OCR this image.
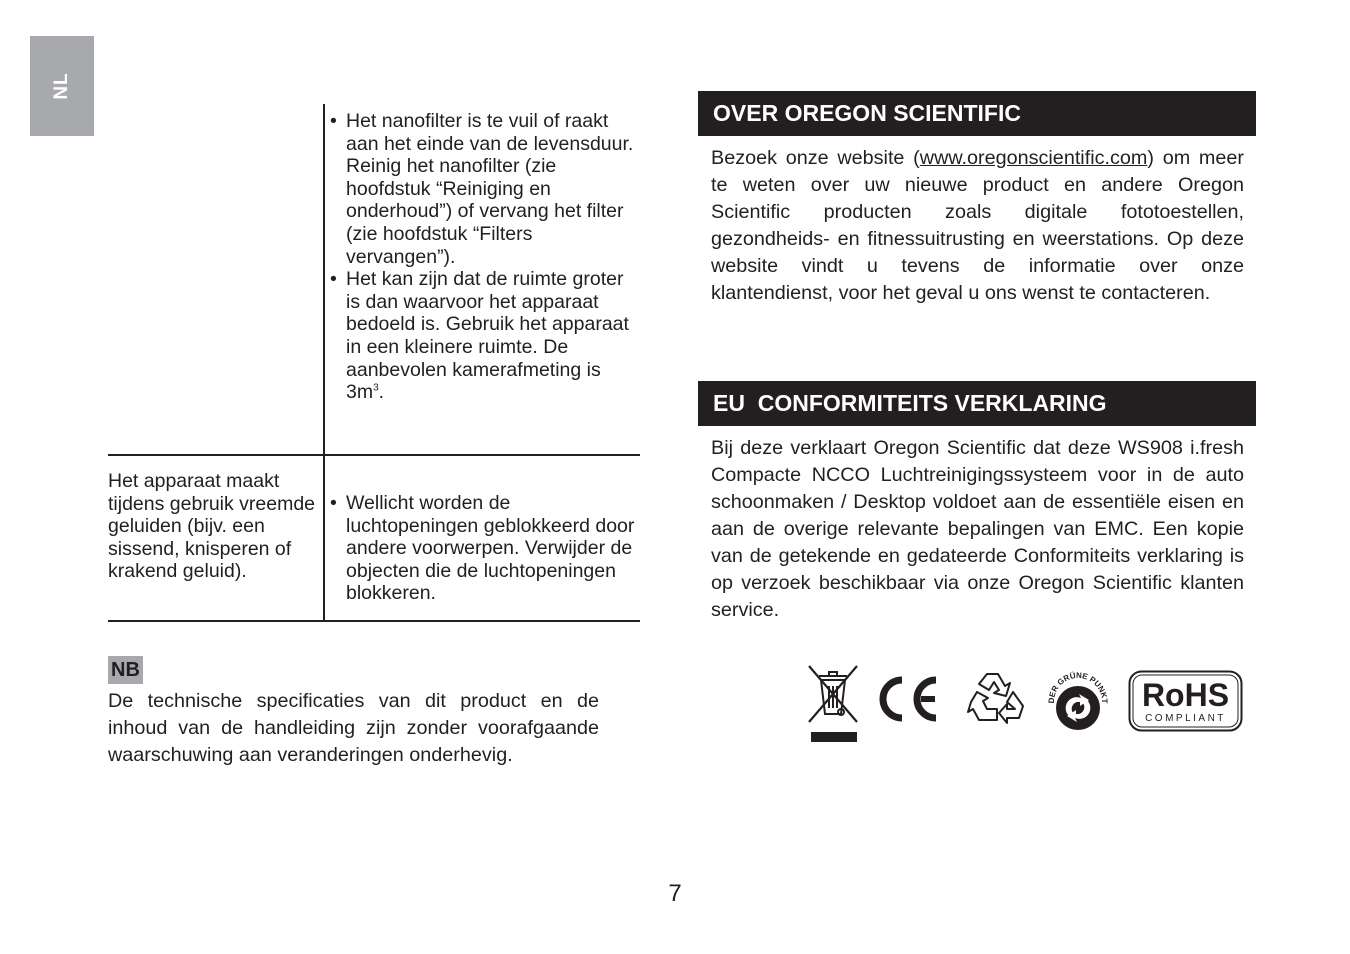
NL
• Het nanofilter is te vuil of raakt aan het einde van de levensduur. Reinig het nanofilter (zie hoofdstuk “Reiniging en onderhoud”) of vervang het filter (zie hoofdstuk “Filters vervangen”).
• Het kan zijn dat de ruimte groter is dan waarvoor het apparaat bedoeld is. Gebruik het apparaat in een kleinere ruimte. De aanbevolen kamerafmeting is $3m^3$.
Het apparaat maakt tijdens gebruik vreemde geluiden (bijv. een sissend, knisperen of krakend geluid).
• Wellicht worden de luchtopeningen geblokkeerd door andere voorwerpen. Verwijder de objecten die de luchtopeningen blokkeren.
NB
De technische specificaties van dit product en de inhoud van de handleiding zijn zonder voorafgaande waarschuwing aan veranderingen onderhevig.
OVER OREGON SCIENTIFIC
Bezoek onze website (www.oregonscientific.com) om meer te weten over uw nieuwe product en andere Oregon Scientific producten zoals digitale fototoestellen, gezondheids- en fitnessuitrusting en weerstations. Op deze website vindt u tevens de informatie over onze klantendienst, voor het geval u ons wenst te contacteren.
EU  CONFORMITEITS VERKLARING
Bij deze verklaart Oregon Scientific dat deze WS908 i.fresh Compacte NCCO Luchtreinigingssysteem voor in de auto schoonmaken / Desktop voldoet aan de essentiële eisen en aan de overige relevante bepalingen van EMC. Een kopie van de getekende en gedateerde Conformiteits verklaring is op verzoek beschikbaar via onze Oregon Scientific klanten service.
DER GRÜNE PUNKT RoHS
COMPLIANT
7
